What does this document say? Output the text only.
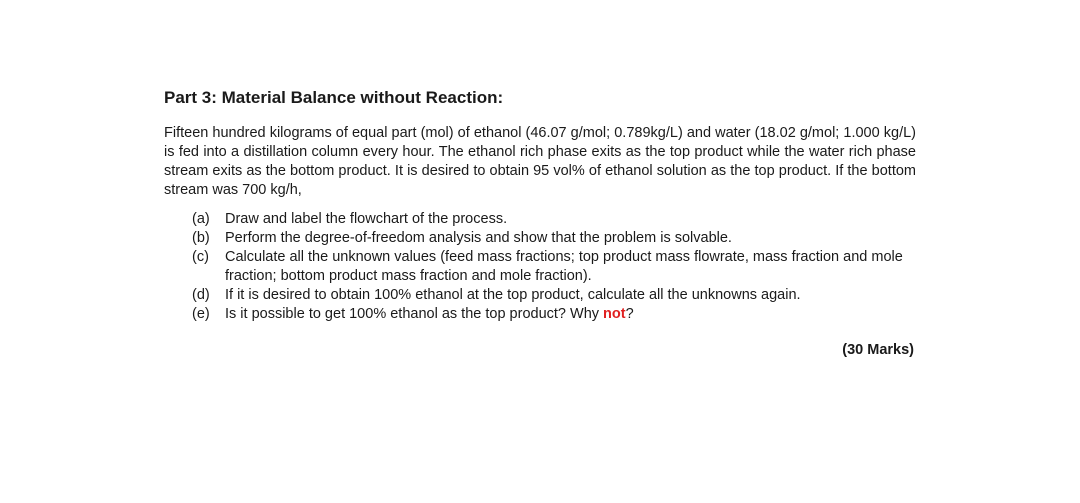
Part 3: Material Balance without Reaction:

Fifteen hundred kilograms of equal part (mol) of ethanol (46.07 g/mol; 0.789kg/L) and water (18.02 g/mol; 1.000 kg/L) is fed into a distillation column every hour. The ethanol rich phase exits as the top product while the water rich phase stream exits as the bottom product. It is desired to obtain 95 vol% of ethanol solution as the top product. If the bottom stream was 700 kg/h,

(a)	Draw and label the flowchart of the process.
(b)	Perform the degree-of-freedom analysis and show that the problem is solvable.
(c)	Calculate all the unknown values (feed mass fractions; top product mass flowrate, mass fraction and mole fraction; bottom product mass fraction and mole fraction).
(d)	If it is desired to obtain 100% ethanol at the top product, calculate all the unknowns again.
(e)	Is it possible to get 100% ethanol as the top product? Why not?
(30 Marks)
